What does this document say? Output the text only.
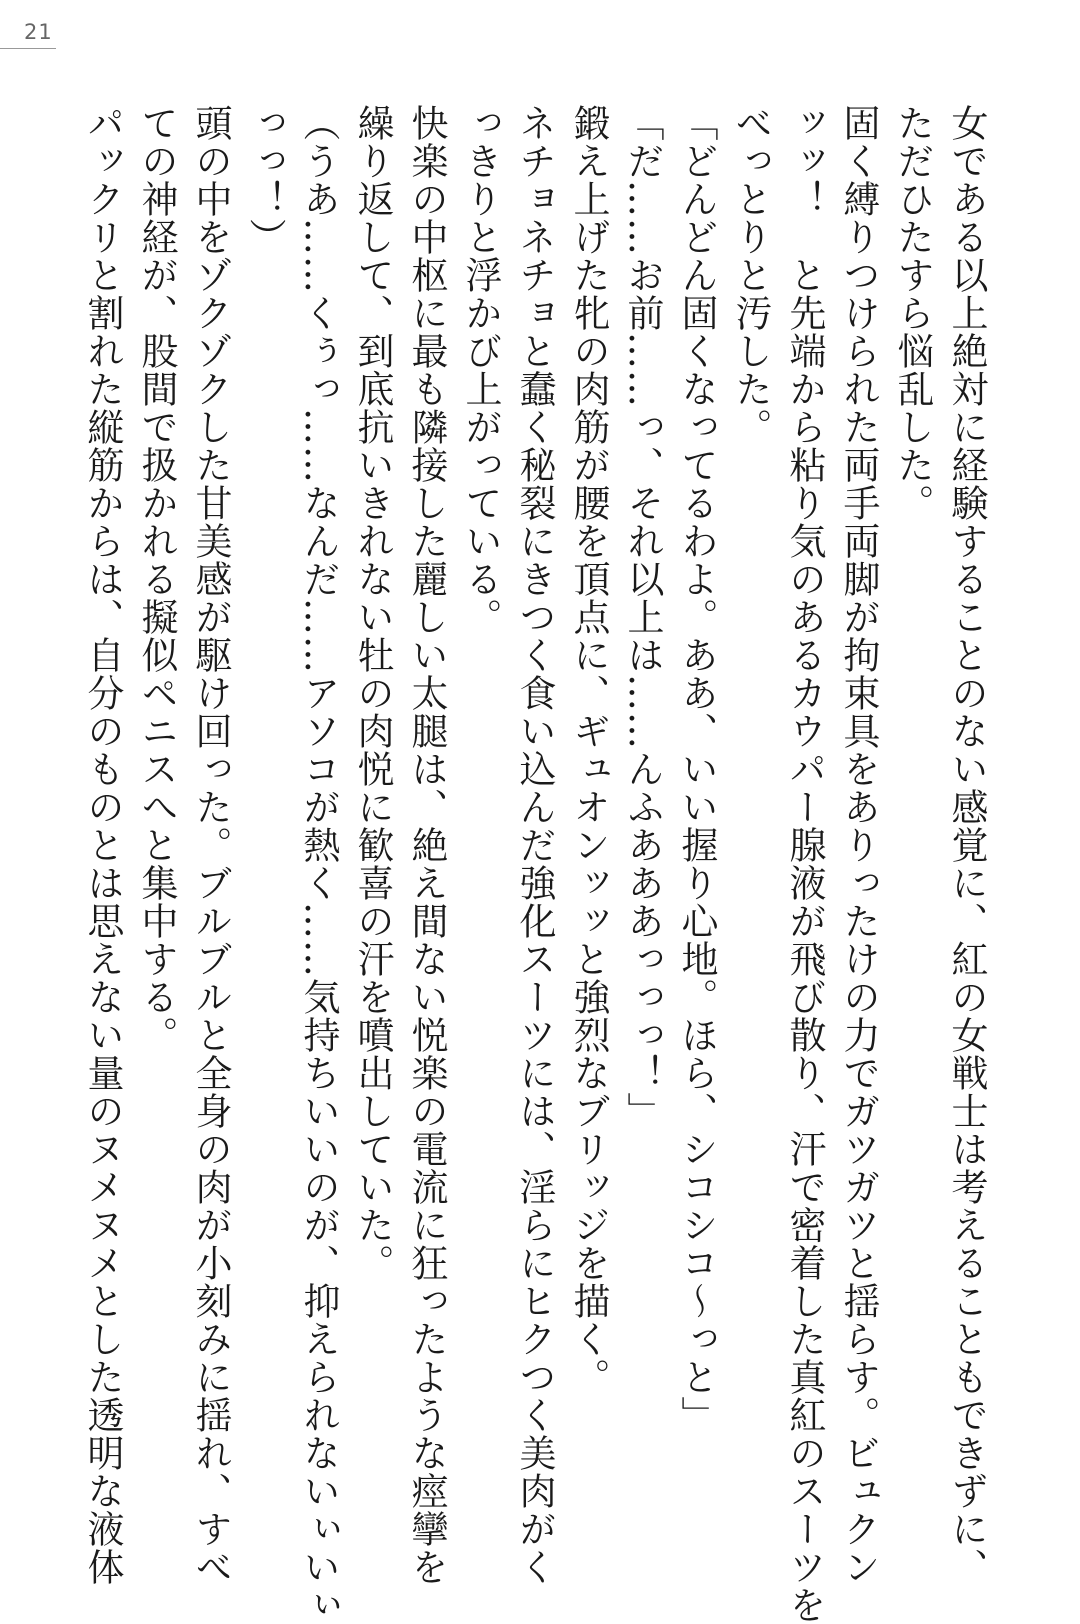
21
女である以上絶対に経験することのない感覚に、紅の女戦士は考えることもできずに、
ただひたすら悩乱した。
固く縛りつけられた両手両脚が拘束具をありったけの力でガツガツと揺らす。ビュクン
ッッ！　と先端から粘り気のあるカウパー腺液が飛び散り、汗で密着した真紅のスーツを
べっとりと汚した。
「どんどん固くなってるわよ。ああ、いい握り心地。ほら、シコシコ〜っと」
「だ……お前……っ、それ以上は……んふあああっっっ！」
鍛え上げた牝の肉筋が腰を頂点に、ギュオンッッと強烈なブリッジを描く。
ネチョネチョと蠢く秘裂にきつく食い込んだ強化スーツには、淫らにヒクつく美肉がく
っきりと浮かび上がっている。
快楽の中枢に最も隣接した麗しい太腿は、絶え間ない悦楽の電流に狂ったような痙攣を
繰り返して、到底抗いきれない牡の肉悦に歓喜の汗を噴出していた。
（うあ……くぅっ……なんだ……アソコが熱く……気持ちいいのが、抑えられないぃいぃ
っっ！）
頭の中をゾクゾクした甘美感が駆け回った。ブルブルと全身の肉が小刻みに揺れ、すべ
ての神経が、股間で扱かれる擬似ペニスへと集中する。
パックリと割れた縦筋からは、自分のものとは思えない量のヌメヌメとした透明な液体
